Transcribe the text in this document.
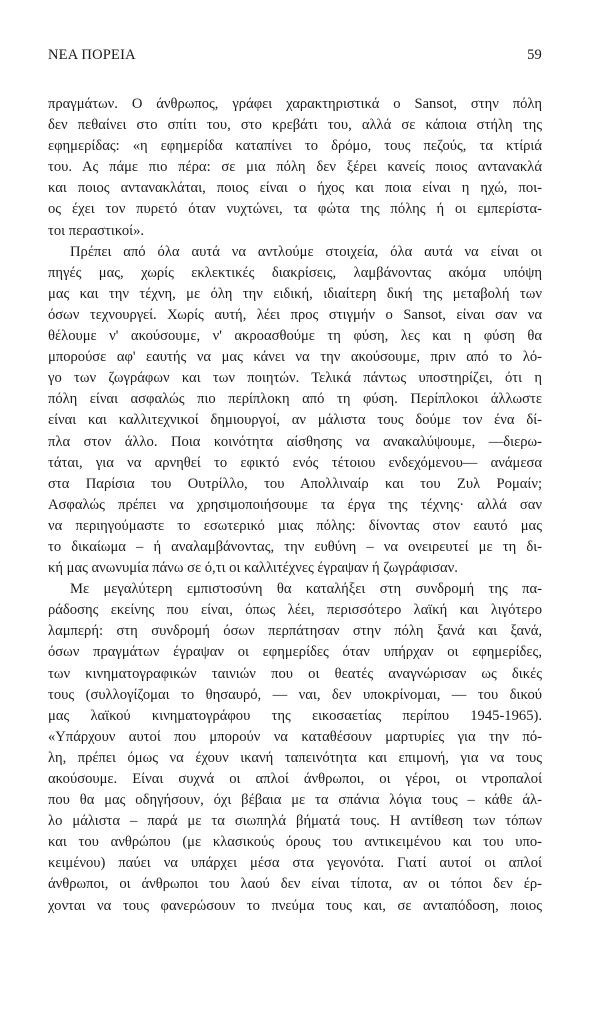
ΝΕΑ ΠΟΡΕΙΑ	59
πραγμάτων. Ο άνθρωπος, γράφει χαρακτηριστικά ο Sansot, στην πόλη
δεν πεθαίνει στο σπίτι του, στο κρεβάτι του, αλλά σε κάποια στήλη της
εφημερίδας: «η εφημερίδα καταπίνει το δρόμο, τους πεζούς, τα κτίριά
του. Ας πάμε πιο πέρα: σε μια πόλη δεν ξέρει κανείς ποιος αντανακλά
και ποιος αντανακλάται, ποιος είναι ο ήχος και ποια είναι η ηχώ, ποι-
ος έχει τον πυρετό όταν νυχτώνει, τα φώτα της πόλης ή οι εμπερίστα-
τοι περαστικοί».
Πρέπει από όλα αυτά να αντλούμε στοιχεία, όλα αυτά να είναι οι
πηγές μας, χωρίς εκλεκτικές διακρίσεις, λαμβάνοντας ακόμα υπόψη
μας και την τέχνη, με όλη την ειδική, ιδιαίτερη δική της μεταβολή των
όσων τεχνουργεί. Χωρίς αυτή, λέει προς στιγμήν ο Sansot, είναι σαν να
θέλουμε ν' ακούσουμε, ν' ακροασθούμε τη φύση, λες και η φύση θα
μπορούσε αφ' εαυτής να μας κάνει να την ακούσουμε, πριν από το λό-
γο των ζωγράφων και των ποιητών. Τελικά πάντως υποστηρίζει, ότι η
πόλη είναι ασφαλώς πιο περίπλοκη από τη φύση. Περίπλοκοι άλλωστε
είναι και καλλιτεχνικοί δημιουργοί, αν μάλιστα τους δούμε τον ένα δί-
πλα στον άλλο. Ποια κοινότητα αίσθησης να ανακαλύψουμε, —διερω-
τάται, για να αρνηθεί το εφικτό ενός τέτοιου ενδεχόμενου— ανάμεσα
στα Παρίσια του Ουτρίλλο, του Απολλιναίρ και του Ζυλ Ρομαίν;
Ασφαλώς πρέπει να χρησιμοποιήσουμε τα έργα της τέχνης· αλλά σαν
να περιηγούμαστε το εσωτερικό μιας πόλης: δίνοντας στον εαυτό μας
το δικαίωμα – ή αναλαμβάνοντας, την ευθύνη – να ονειρευτεί με τη δι-
κή μας ανωνυμία πάνω σε ό,τι οι καλλιτέχνες έγραψαν ή ζωγράφισαν.
Με μεγαλύτερη εμπιστοσύνη θα καταλήξει στη συνδρομή της πα-
ράδοσης εκείνης που είναι, όπως λέει, περισσότερο λαϊκή και λιγότερο
λαμπερή: στη συνδρομή όσων περπάτησαν στην πόλη ξανά και ξανά,
όσων πραγμάτων έγραψαν οι εφημερίδες όταν υπήρχαν οι εφημερίδες,
των κινηματογραφικών ταινιών που οι θεατές αναγνώρισαν ως δικές
τους (συλλογίζομαι το θησαυρό, — ναι, δεν υποκρίνομαι, — του δικού
μας λαϊκού κινηματογράφου της εικοσαετίας περίπου 1945-1965).
«Υπάρχουν αυτοί που μπορούν να καταθέσουν μαρτυρίες για την πό-
λη, πρέπει όμως να έχουν ικανή ταπεινότητα και επιμονή, για να τους
ακούσουμε. Είναι συχνά οι απλοί άνθρωποι, οι γέροι, οι ντροπαλοί
που θα μας οδηγήσουν, όχι βέβαια με τα σπάνια λόγια τους – κάθε άλ-
λο μάλιστα – παρά με τα σιωπηλά βήματά τους. Η αντίθεση των τόπων
και του ανθρώπου (με κλασικούς όρους του αντικειμένου και του υπο-
κειμένου) παύει να υπάρχει μέσα στα γεγονότα. Γιατί αυτοί οι απλοί
άνθρωποι, οι άνθρωποι του λαού δεν είναι τίποτα, αν οι τόποι δεν έρ-
χονται να τους φανερώσουν το πνεύμα τους και, σε ανταπόδοση, ποιος
